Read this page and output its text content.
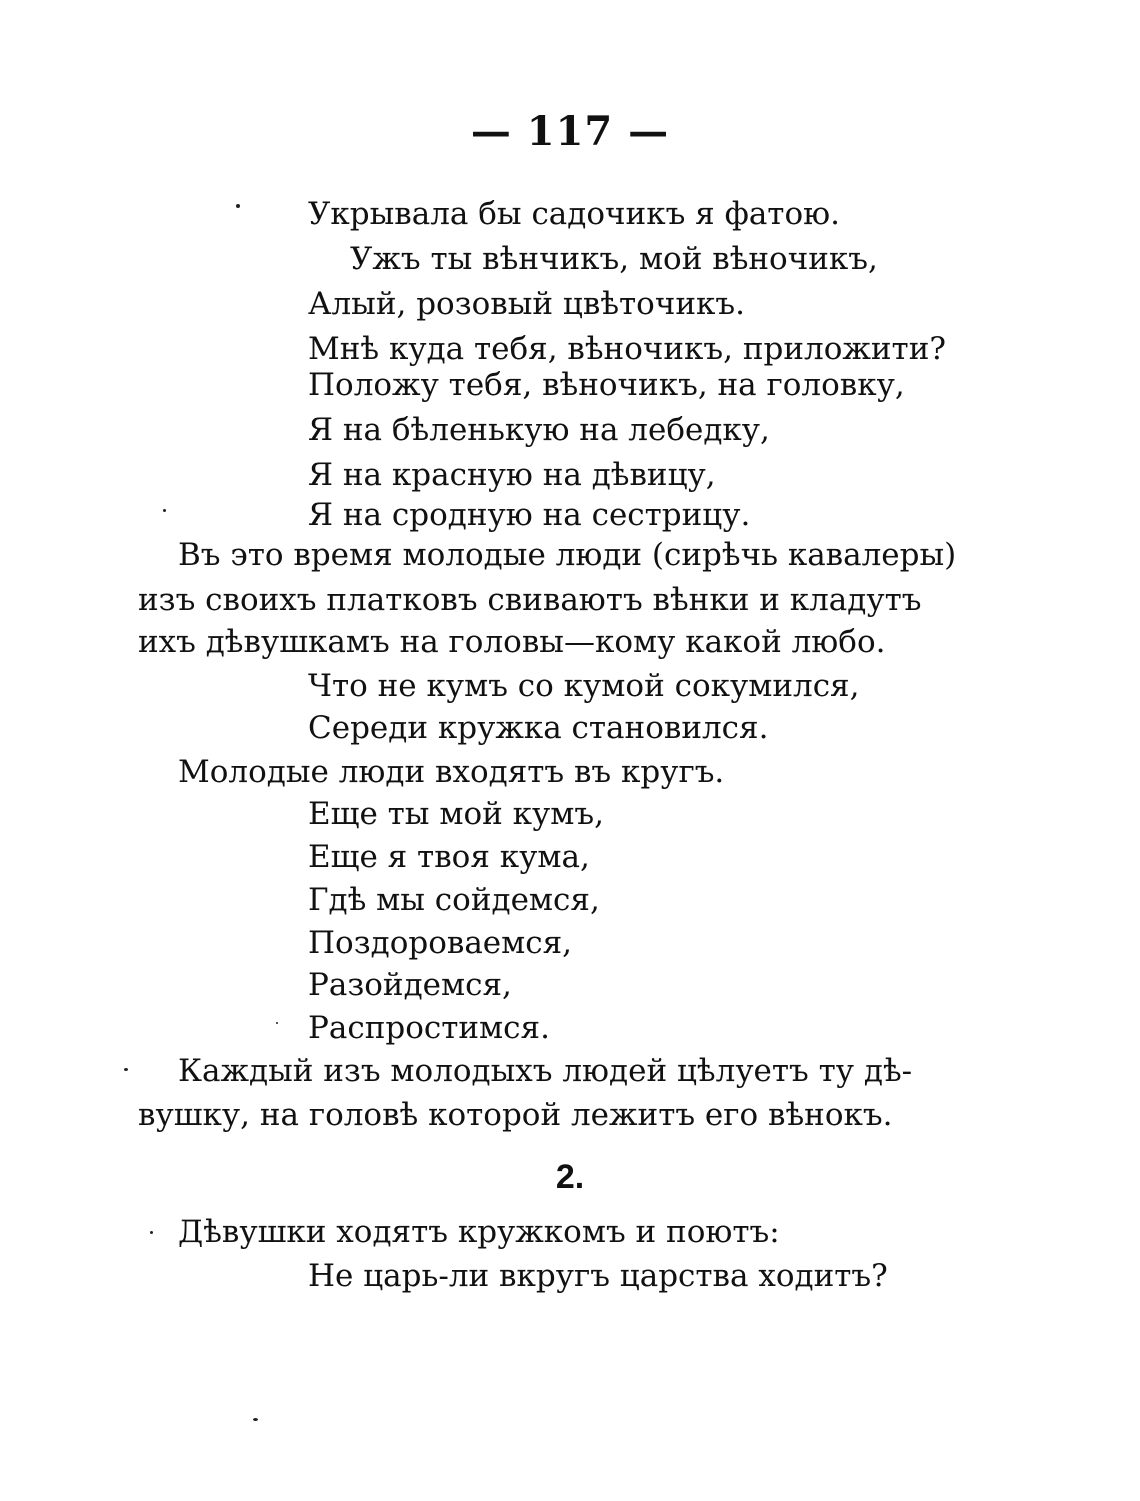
— 117 —
Укрывала бы садочикъ я фатою.
Ужъ ты вѣнчикъ, мой вѣночикъ,
Алый, розовый цвѣточикъ.
Мнѣ куда тебя, вѣночикъ, приложити?
Положу тебя, вѣночикъ, на головку,
Я на бѣленькую на лебедку,
Я на красную на дѣвицу,
Я на сродную на сестрицу.
Въ это время молодые люди (сирѣчь кавалеры)
изъ своихъ платковъ свиваютъ вѣнки и кладутъ
ихъ дѣвушкамъ на головы—кому какой любо.
Что не кумъ со кумой сокумился,
Середи кружка становился.
Молодые люди входятъ въ кругъ.
Еще ты мой кумъ,
Еще я твоя кума,
Гдѣ мы сойдемся,
Поздороваемся,
Разойдемся,
Распростимся.
Каждый изъ молодыхъ людей цѣлуетъ ту дѣ-
вушку, на головѣ которой лежитъ его вѣнокъ.
2.
Дѣвушки ходятъ кружкомъ и поютъ:
Не царь-ли вкругъ царства ходитъ?
